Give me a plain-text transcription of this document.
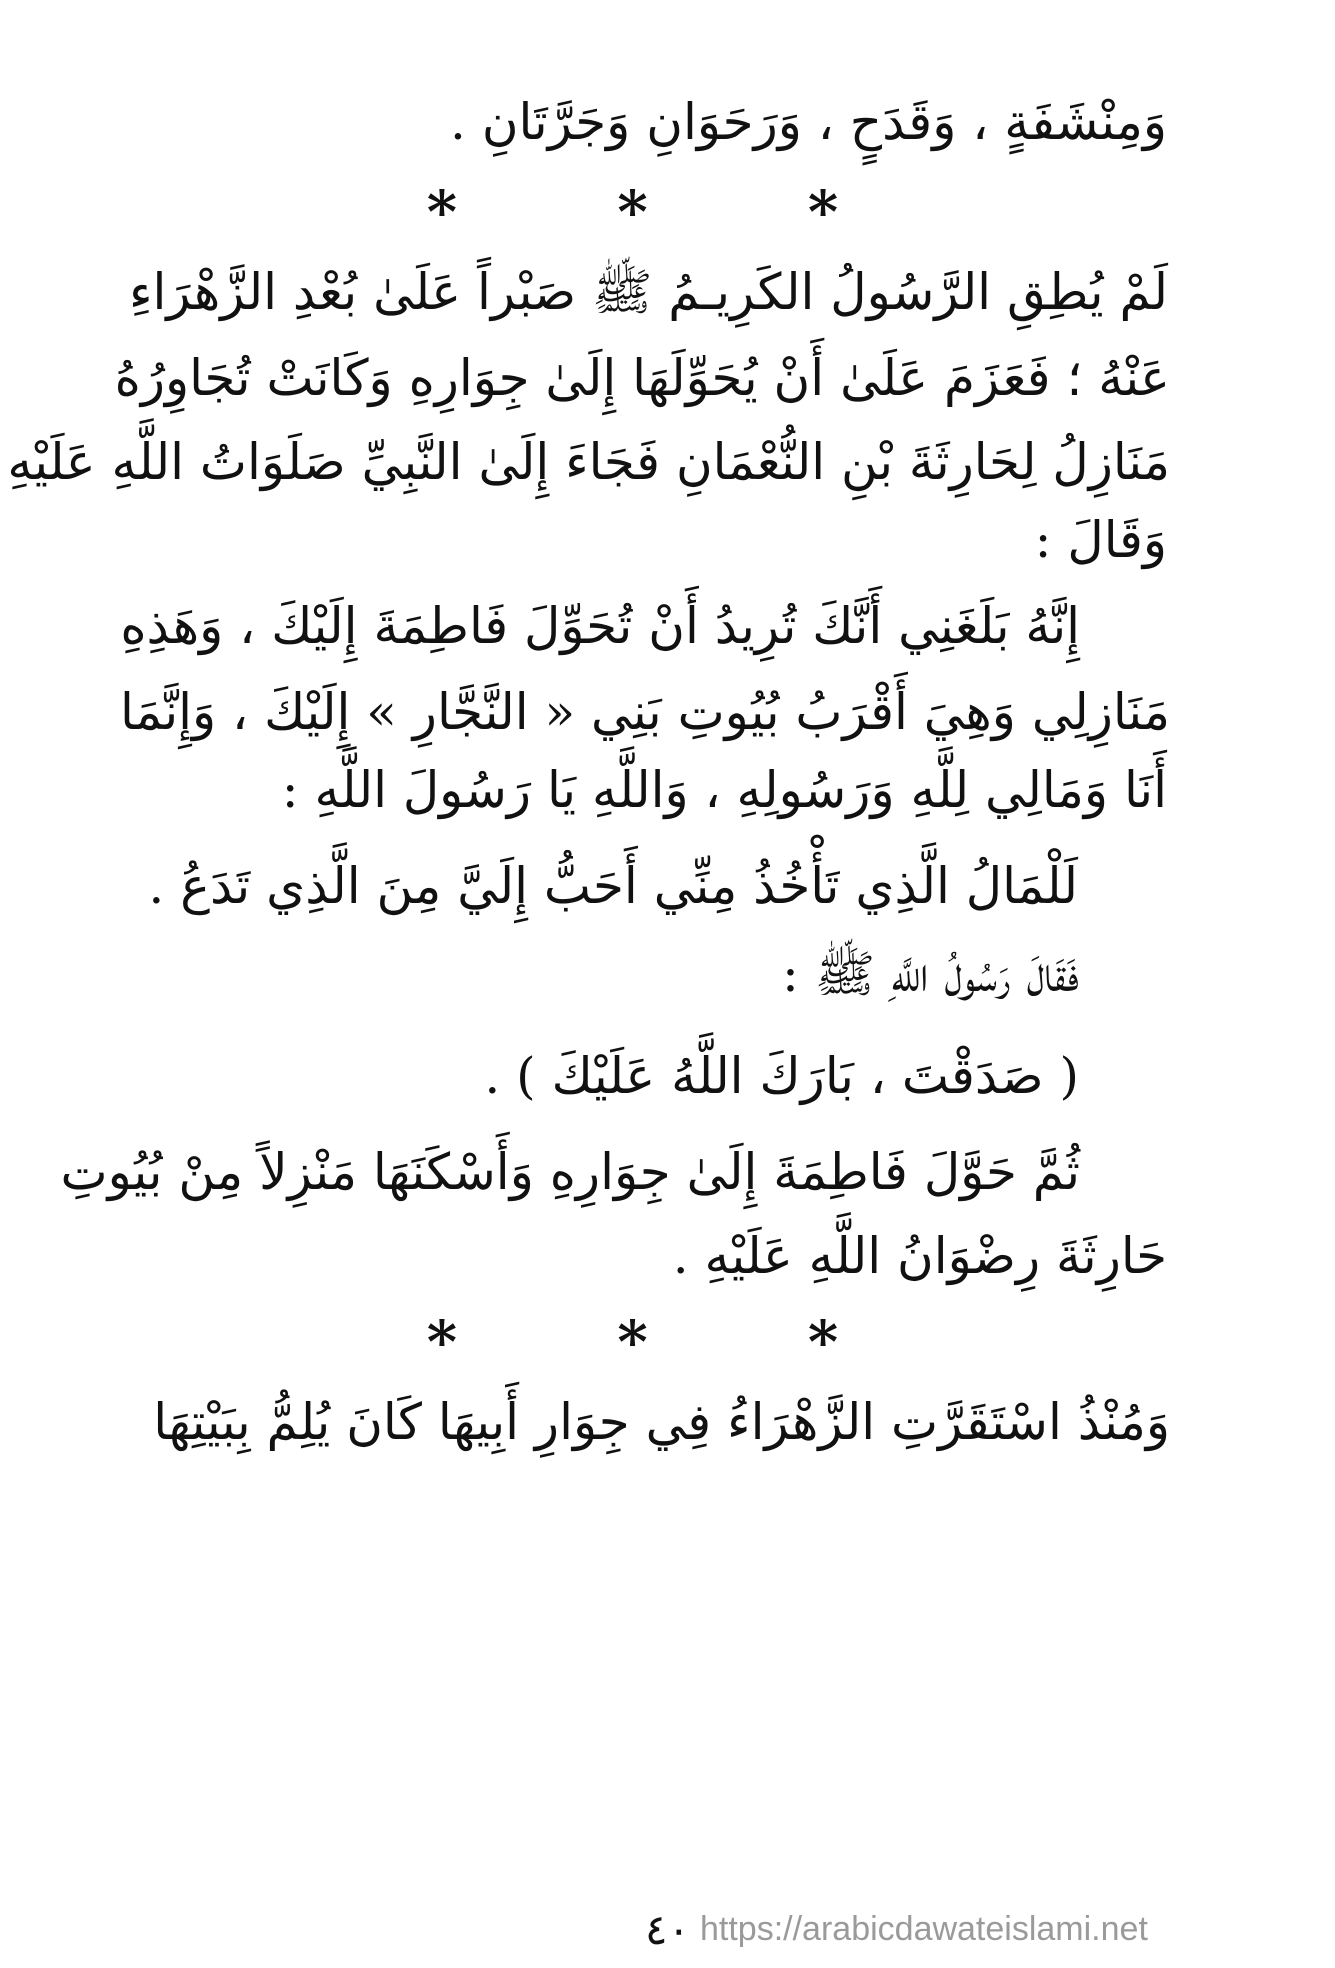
وَمِنْشَفَةٍ ، وَقَدَحٍ ، وَرَحَوَانِ وَجَرَّتَانِ .
* * *
لَمْ يُطِقِ الرَّسُولُ الكَرِيـمُ ﷺ صَبْراً عَلَىٰ بُعْدِ الزَّهْرَاءِ
عَنْهُ ؛ فَعَزَمَ عَلَىٰ أَنْ يُحَوِّلَهَا إِلَىٰ جِوَارِهِ وَكَانَتْ تُجَاوِرُهُ
مَنَازِلُ لِحَارِثَةَ بْنِ النُّعْمَانِ فَجَاءَ إِلَىٰ النَّبِيِّ صَلَوَاتُ اللَّهِ عَلَيْهِ
وَقَالَ :
إِنَّهُ بَلَغَنِي أَنَّكَ تُرِيدُ أَنْ تُحَوِّلَ فَاطِمَةَ إِلَيْكَ ، وَهَذِهِ
مَنَازِلِي وَهِيَ أَقْرَبُ بُيُوتِ بَنِي « النَّجَّارِ » إِلَيْكَ ، وَإِنَّمَا
أَنَا وَمَالِي لِلَّهِ وَرَسُولِهِ ، وَاللَّهِ يَا رَسُولَ اللَّهِ :
لَلْمَالُ الَّذِي تَأْخُذُ مِنِّي أَحَبُّ إِلَيَّ مِنَ الَّذِي تَدَعُ .
فَقَالَ رَسُولُ اللَّهِ ﷺ :
( صَدَقْتَ ، بَارَكَ اللَّهُ عَلَيْكَ ) .
ثُمَّ حَوَّلَ فَاطِمَةَ إِلَىٰ جِوَارِهِ وَأَسْكَنَهَا مَنْزِلاً مِنْ بُيُوتِ
حَارِثَةَ رِضْوَانُ اللَّهِ عَلَيْهِ .
* * *
وَمُنْذُ اسْتَقَرَّتِ الزَّهْرَاءُ فِي جِوَارِ أَبِيهَا كَانَ يُلِمُّ بِبَيْتِهَا
٤٠ https://arabicdawateislami.net
